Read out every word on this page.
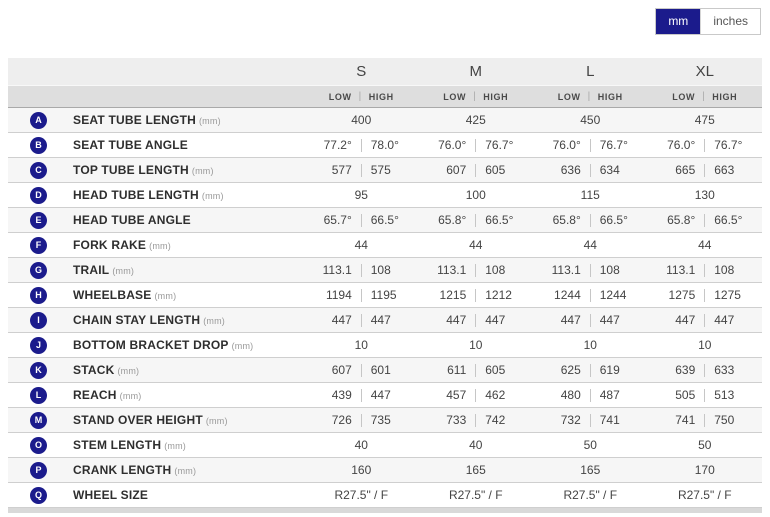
mm	inches
S	M	L	XL
LOW | HIGH	LOW | HIGH	LOW | HIGH	LOW | HIGH
A	SEAT TUBE LENGTH (mm)	400	425	450	475
B	SEAT TUBE ANGLE	77.2°	78.0°	76.0°	76.7°	76.0°	76.7°	76.0°	76.7°
C	TOP TUBE LENGTH (mm)	577	575	607	605	636	634	665	663
D	HEAD TUBE LENGTH (mm)	95	100	115	130
E	HEAD TUBE ANGLE	65.7°	66.5°	65.8°	66.5°	65.8°	66.5°	65.8°	66.5°
F	FORK RAKE (mm)	44	44	44	44
G	TRAIL (mm)	113.1	108	113.1	108	113.1	108	113.1	108
H	WHEELBASE (mm)	1194	1195	1215	1212	1244	1244	1275	1275
I	CHAIN STAY LENGTH (mm)	447	447	447	447	447	447	447	447
J	BOTTOM BRACKET DROP (mm)	10	10	10	10
K	STACK (mm)	607	601	611	605	625	619	639	633
L	REACH (mm)	439	447	457	462	480	487	505	513
M	STAND OVER HEIGHT (mm)	726	735	733	742	732	741	741	750
O	STEM LENGTH (mm)	40	40	50	50
P	CRANK LENGTH (mm)	160	165	165	170
Q	WHEEL SIZE	R27.5" / F	R27.5" / F	R27.5" / F	R27.5" / F
